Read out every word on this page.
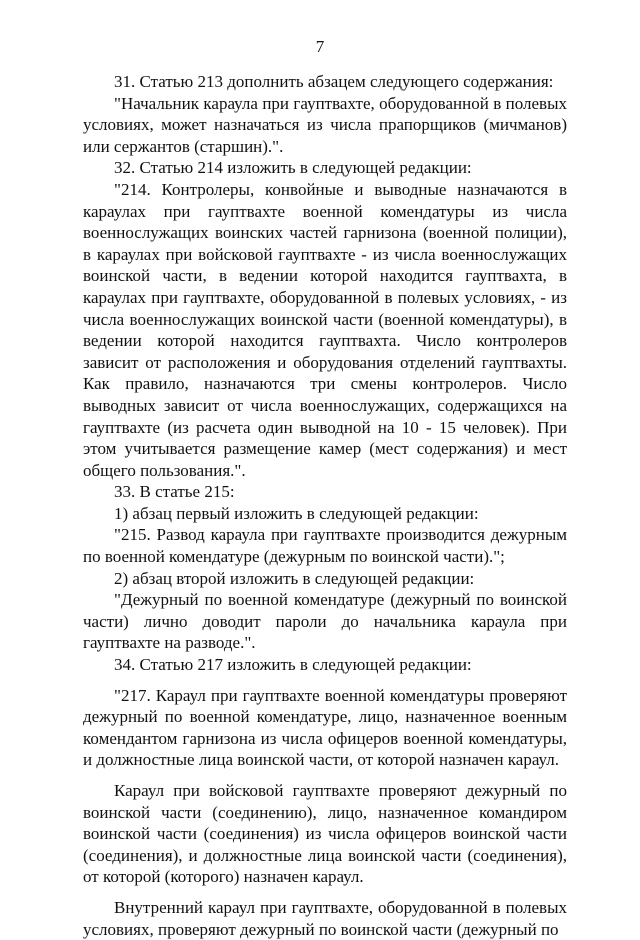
7

31. Статью 213 дополнить абзацем следующего содержания:

"Начальник караула при гауптвахте, оборудованной в полевых условиях, может назначаться из числа прапорщиков (мичманов) или сержантов (старшин).".

32. Статью 214 изложить в следующей редакции:

"214. Контролеры, конвойные и выводные назначаются в караулах при гауптвахте военной комендатуры из числа военнослужащих воинских частей гарнизона (военной полиции), в караулах при войсковой гауптвахте - из числа военнослужащих воинской части, в ведении которой находится гауптвахта, в караулах при гауптвахте, оборудованной в полевых условиях, - из числа военнослужащих воинской части (военной комендатуры), в ведении которой находится гауптвахта. Число контролеров зависит от расположения и оборудования отделений гауптвахты. Как правило, назначаются три смены контролеров. Число выводных зависит от числа военнослужащих, содержащихся на гауптвахте (из расчета один выводной на 10 - 15 человек). При этом учитывается размещение камер (мест содержания) и мест общего пользования.".

33. В статье 215:

1) абзац первый изложить в следующей редакции:

"215. Развод караула при гауптвахте производится дежурным по военной комендатуре (дежурным по воинской части).";

2) абзац второй изложить в следующей редакции:

"Дежурный по военной комендатуре (дежурный по воинской части) лично доводит пароли до начальника караула при гауптвахте на разводе.".

34. Статью 217 изложить в следующей редакции:

"217. Караул при гауптвахте военной комендатуры проверяют дежурный по военной комендатуре, лицо, назначенное военным комендантом гарнизона из числа офицеров военной комендатуры, и должностные лица воинской части, от которой назначен караул.

Караул при войсковой гауптвахте проверяют дежурный по воинской части (соединению), лицо, назначенное командиром воинской части (соединения) из числа офицеров воинской части (соединения), и должностные лица воинской части (соединения), от которой (которого) назначен караул.

Внутренний караул при гауптвахте, оборудованной в полевых условиях, проверяют дежурный по воинской части (дежурный по
